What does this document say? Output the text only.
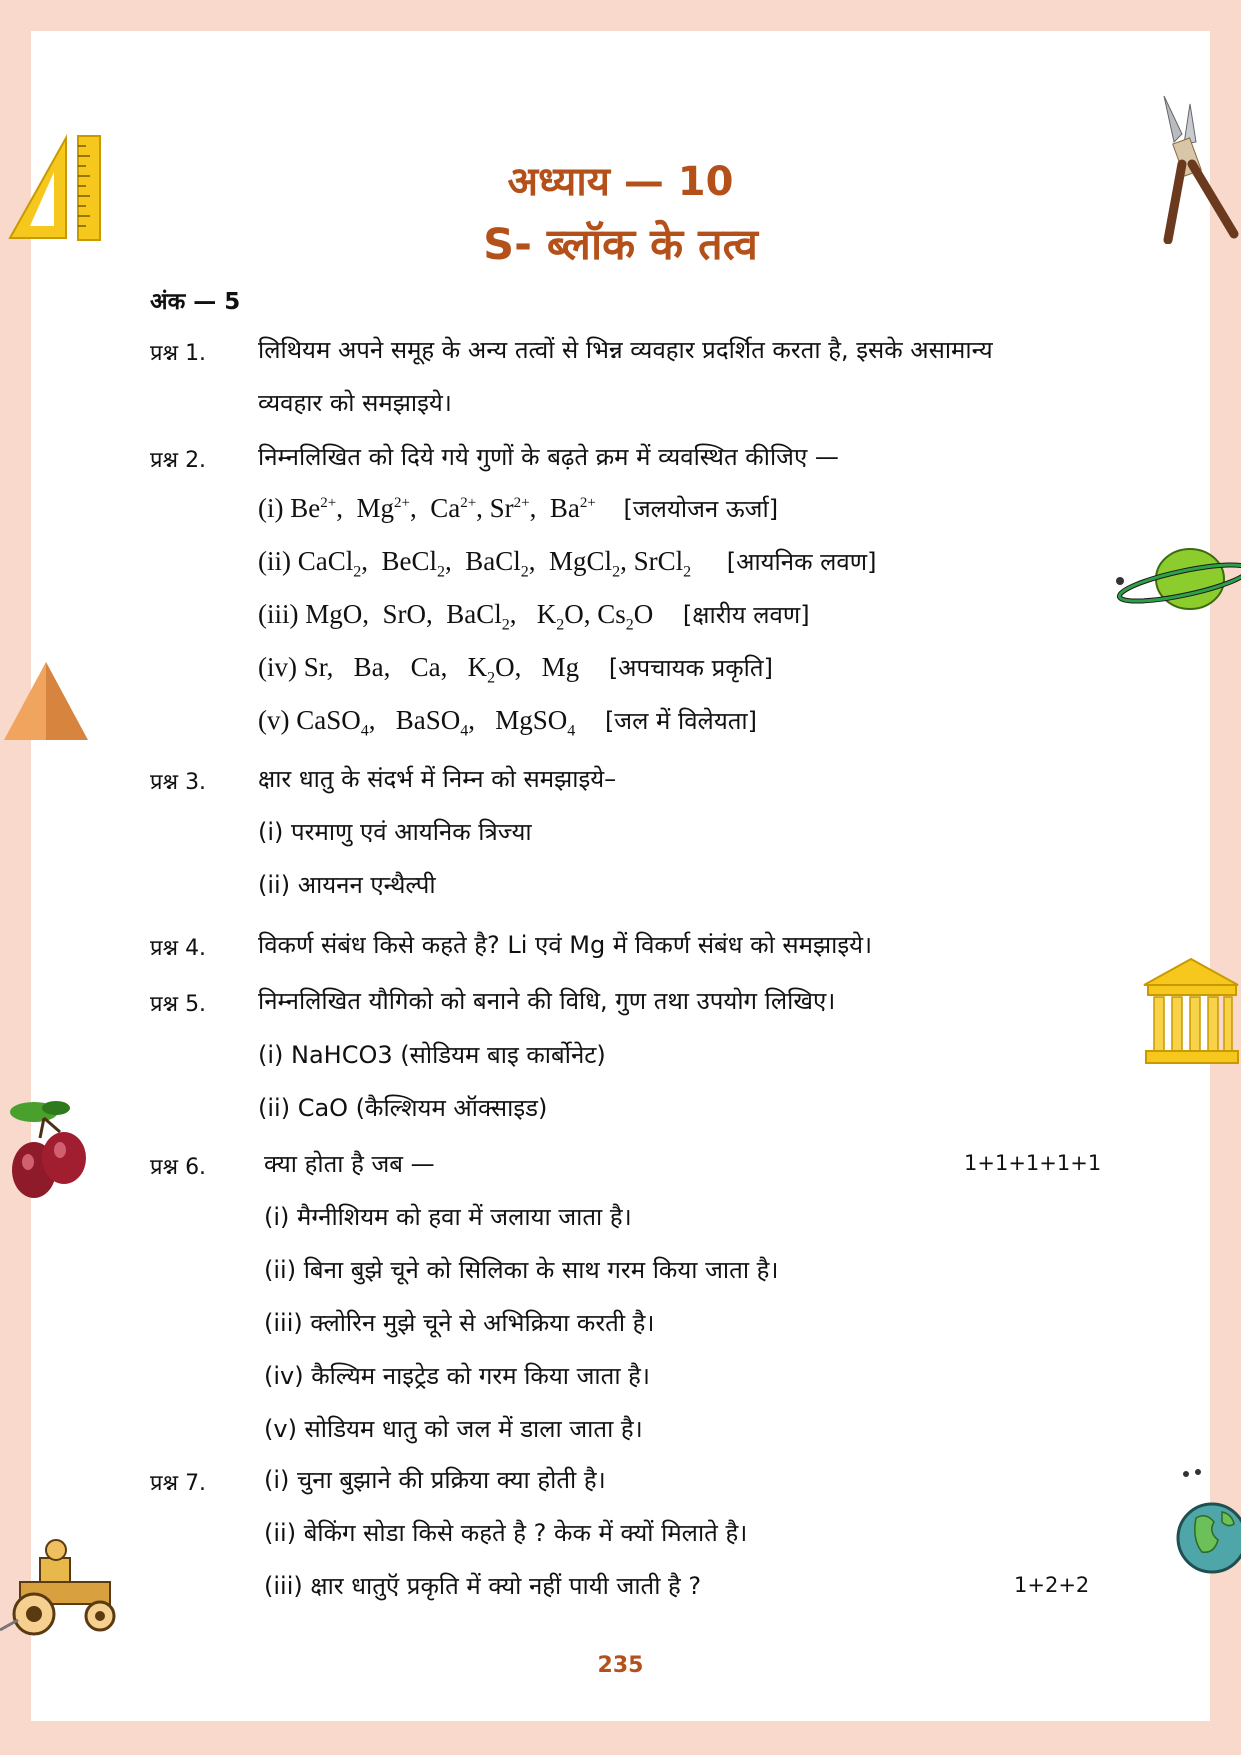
अध्याय — 10
S- ब्लॉक के तत्व
अंक — 5
प्रश्न 1. लिथियम अपने समूह के अन्य तत्वों से भिन्न व्यवहार प्रदर्शित करता है, इसके असामान्य
व्यवहार को समझाइये।
प्रश्न 2. निम्नलिखित को दिये गये गुणों के बढ़ते क्रम में व्यवस्थित कीजिए —
(i) $Be^{2+}$,  $Mg^{2+}$,  $Ca^{2+}$, $Sr^{2+}$,  $Ba^{2+}$ [जलयोजन ऊर्जा]
(ii) CaCl$_2$,  BeCl$_2$,  BaCl$_2$,  MgCl$_2$, SrCl$_2$ [आयनिक लवण]
(iii) MgO,  SrO,  BaCl$_2$,   $K_2O$, $Cs_2O$ [क्षारीय लवण]
(iv) Sr,   Ba,   Ca,   $K_2O$,   Mg [अपचायक प्रकृति]
(v) CaSO$_4$,   BaSO$_4$,   MgSO$_4$ [जल में विलेयता]
प्रश्न 3. क्षार धातु के संदर्भ में निम्न को समझाइये–
(i) परमाणु एवं आयनिक त्रिज्या
(ii) आयनन एन्थैल्पी
प्रश्न 4. विकर्ण संबंध किसे कहते है? Li एवं Mg में विकर्ण संबंध को समझाइये।
प्रश्न 5. निम्नलिखित यौगिको को बनाने की विधि, गुण तथा उपयोग लिखिए।
(i) NaHCO3 (सोडियम बाइ कार्बोनेट)
(ii) CaO (कैल्शियम ऑक्साइड)
प्रश्न 6. क्या होता है जब —	1+1+1+1+1
(i) मैग्नीशियम को हवा में जलाया जाता है।
(ii) बिना बुझे चूने को सिलिका के साथ गरम किया जाता है।
(iii) क्लोरिन मुझे चूने से अभिक्रिया करती है।
(iv) कैल्यिम नाइट्रेड को गरम किया जाता है।
(v) सोडियम धातु को जल में डाला जाता है।
प्रश्न 7. (i) चुना बुझाने की प्रक्रिया क्या होती है।
(ii) बेकिंग सोडा किसे कहते है ? केक में क्यों मिलाते है।
(iii) क्षार धातुऍ प्रकृति में क्यो नहीं पायी जाती है ?	1+2+2
235
